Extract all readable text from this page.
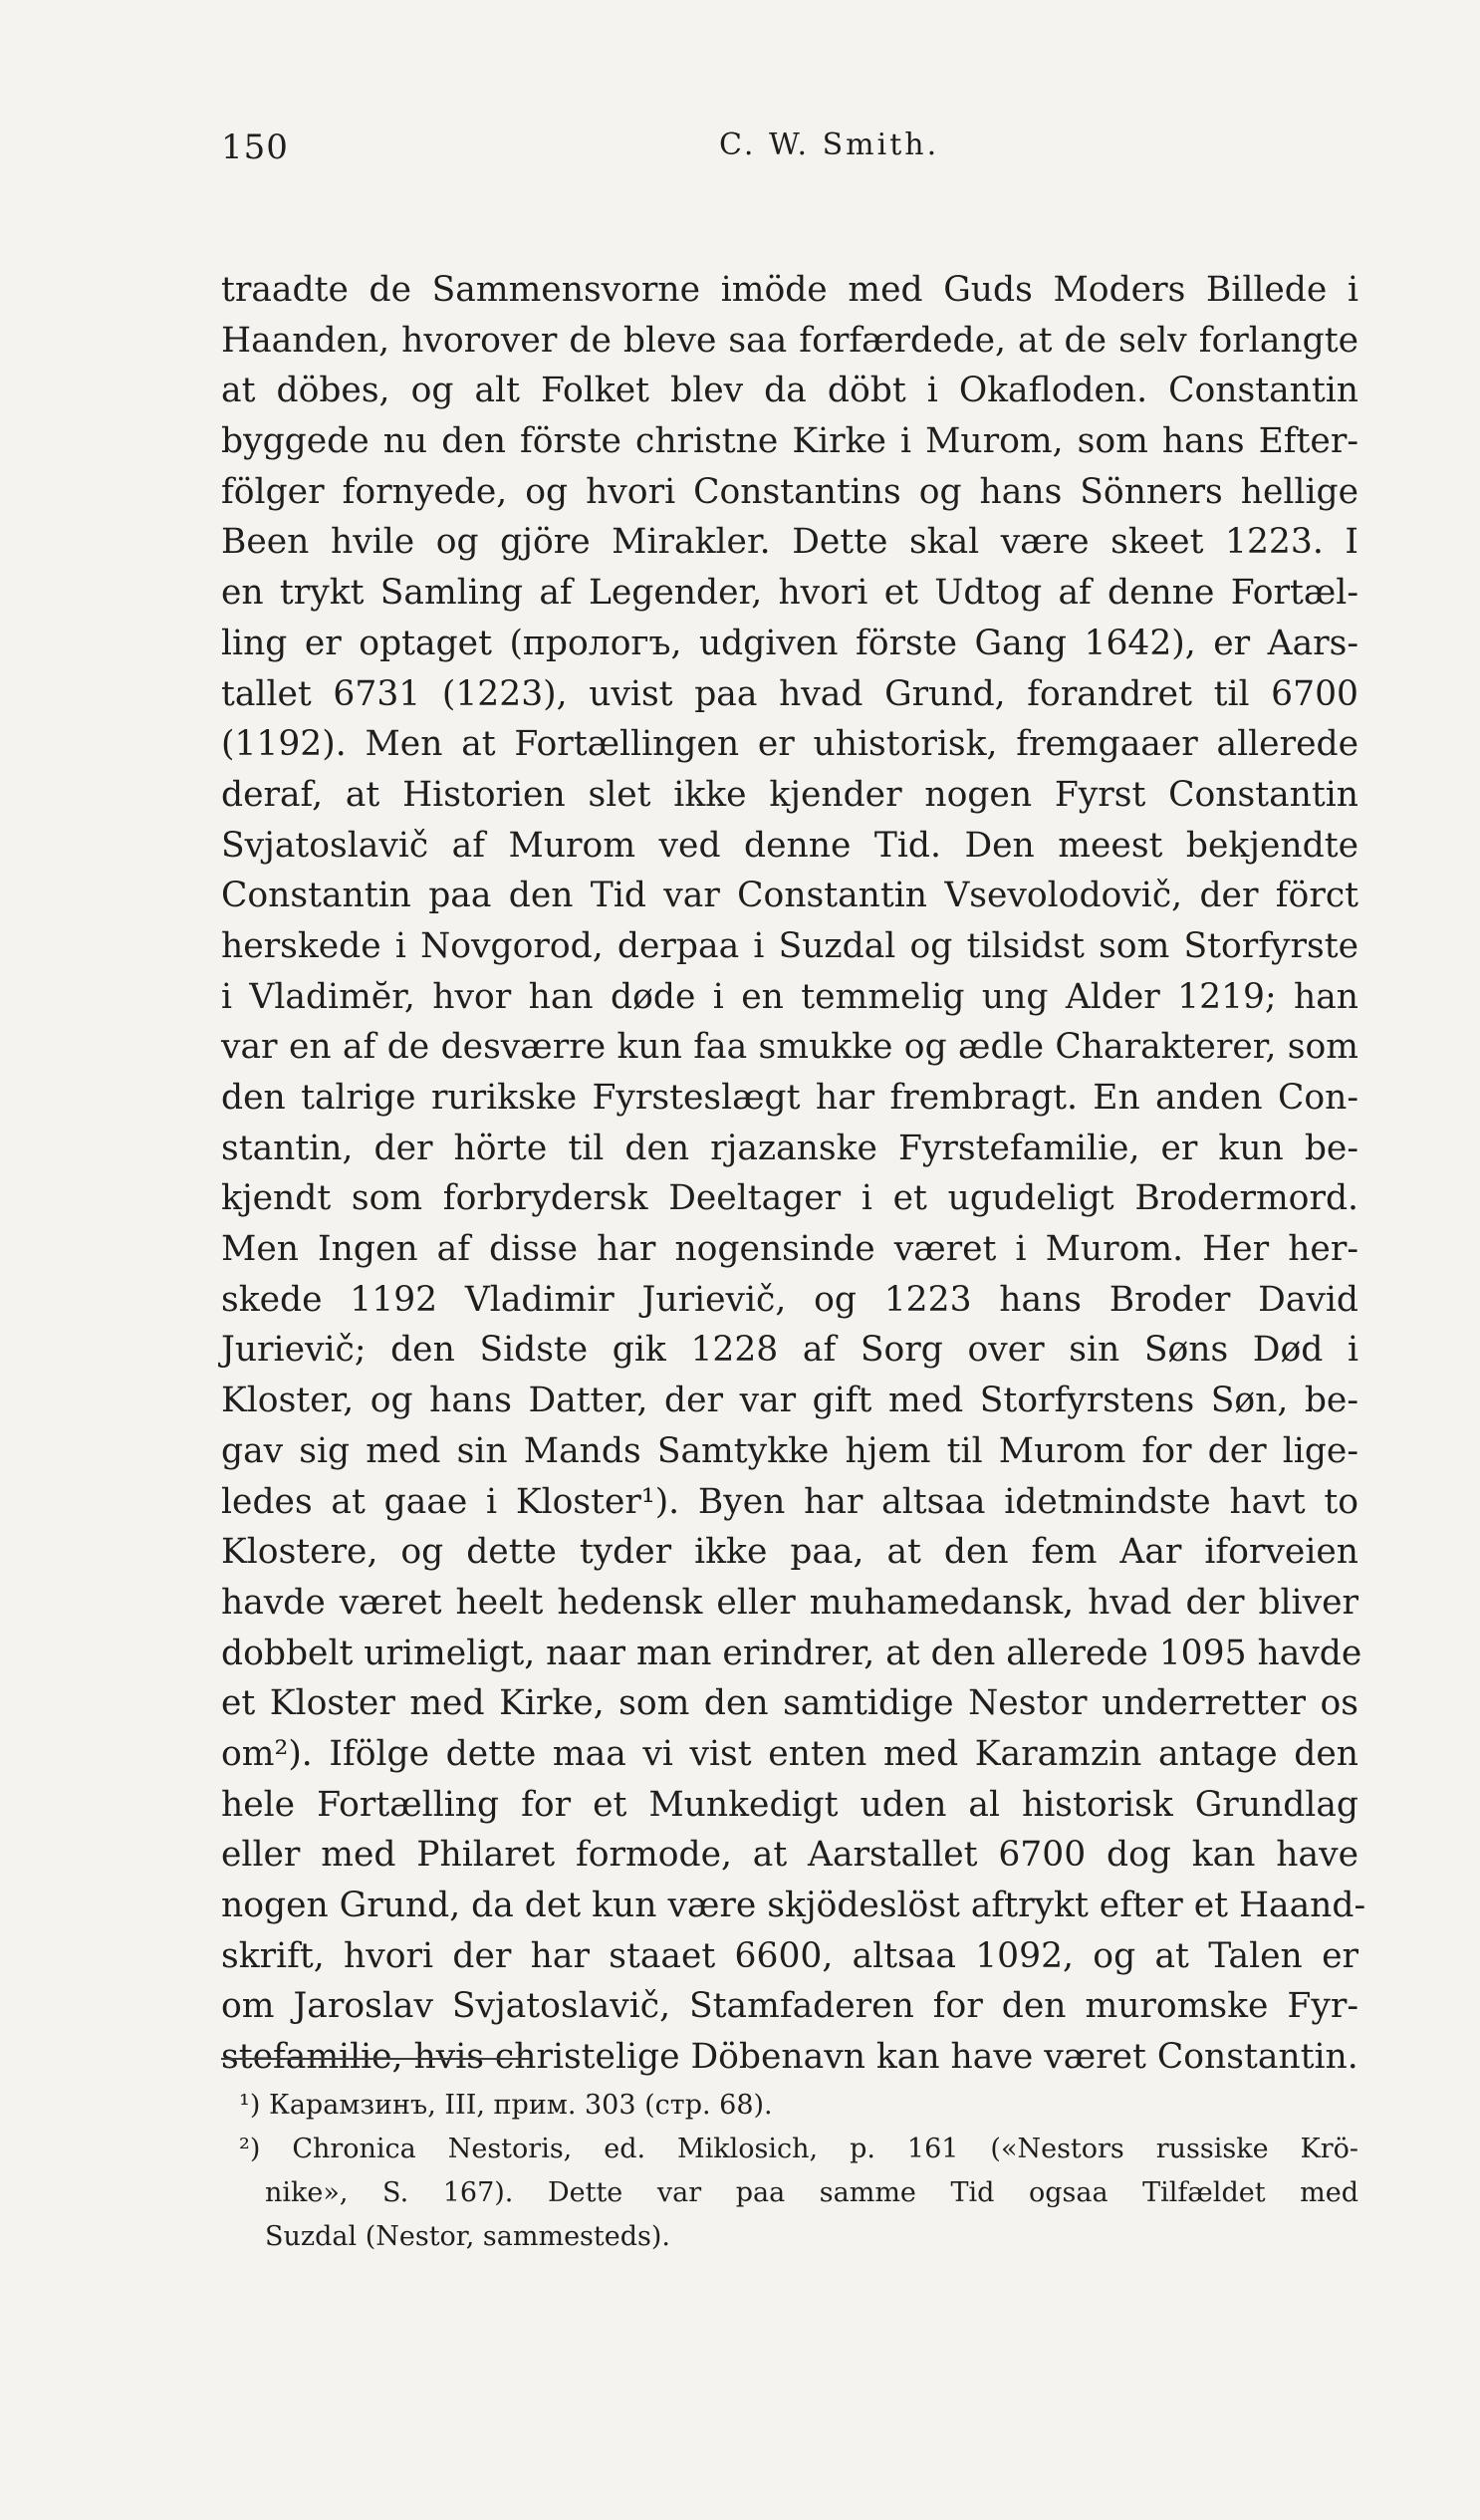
150	C. W. Smith.
traadte de Sammensvorne imöde med Guds Moders Billede i
Haanden, hvorover de bleve saa forfærdede, at de selv forlangte
at döbes, og alt Folket blev da döbt i Okafloden. Constantin
byggede nu den förste christne Kirke i Murom, som hans Efter-
fölger fornyede, og hvori Constantins og hans Sönners hellige
Been hvile og gjöre Mirakler. Dette skal være skeet 1223. I
en trykt Samling af Legender, hvori et Udtog af denne Fortæl-
ling er optaget (прологъ, udgiven förste Gang 1642), er Aars-
tallet 6731 (1223), uvist paa hvad Grund, forandret til 6700
(1192). Men at Fortællingen er uhistorisk, fremgaaer allerede
deraf, at Historien slet ikke kjender nogen Fyrst Constantin
Svjatoslavič af Murom ved denne Tid. Den meest bekjendte
Constantin paa den Tid var Constantin Vsevolodovič, der förct
herskede i Novgorod, derpaa i Suzdal og tilsidst som Storfyrste
i Vladimĕr, hvor han døde i en temmelig ung Alder 1219; han
var en af de desværre kun faa smukke og ædle Charakterer, som
den talrige rurikske Fyrsteslægt har frembragt. En anden Con-
stantin, der hörte til den rjazanske Fyrstefamilie, er kun be-
kjendt som forbrydersk Deeltager i et ugudeligt Brodermord.
Men Ingen af disse har nogensinde været i Murom. Her her-
skede 1192 Vladimir Jurievič, og 1223 hans Broder David
Jurievič; den Sidste gik 1228 af Sorg over sin Søns Død i
Kloster, og hans Datter, der var gift med Storfyrstens Søn, be-
gav sig med sin Mands Samtykke hjem til Murom for der lige-
ledes at gaae i Kloster¹). Byen har altsaa idetmindste havt to
Klostere, og dette tyder ikke paa, at den fem Aar iforveien
havde været heelt hedensk eller muhamedansk, hvad der bliver
dobbelt urimeligt, naar man erindrer, at den allerede 1095 havde
et Kloster med Kirke, som den samtidige Nestor underretter os
om²). Ifölge dette maa vi vist enten med Karamzin antage den
hele Fortælling for et Munkedigt uden al historisk Grundlag
eller med Philaret formode, at Aarstallet 6700 dog kan have
nogen Grund, da det kun være skjödeslöst aftrykt efter et Haand-
skrift, hvori der har staaet 6600, altsaa 1092, og at Talen er
om Jaroslav Svjatoslavič, Stamfaderen for den muromske Fyr-
stefamilie, hvis christelige Döbenavn kan have været Constantin.
¹) Карамзинъ, III, прим. 303 (стр. 68).
²) Chronica Nestoris, ed. Miklosich, p. 161 («Nestors russiske Krö-
nike», S. 167). Dette var paa samme Tid ogsaa Tilfældet med
Suzdal (Nestor, sammesteds).
